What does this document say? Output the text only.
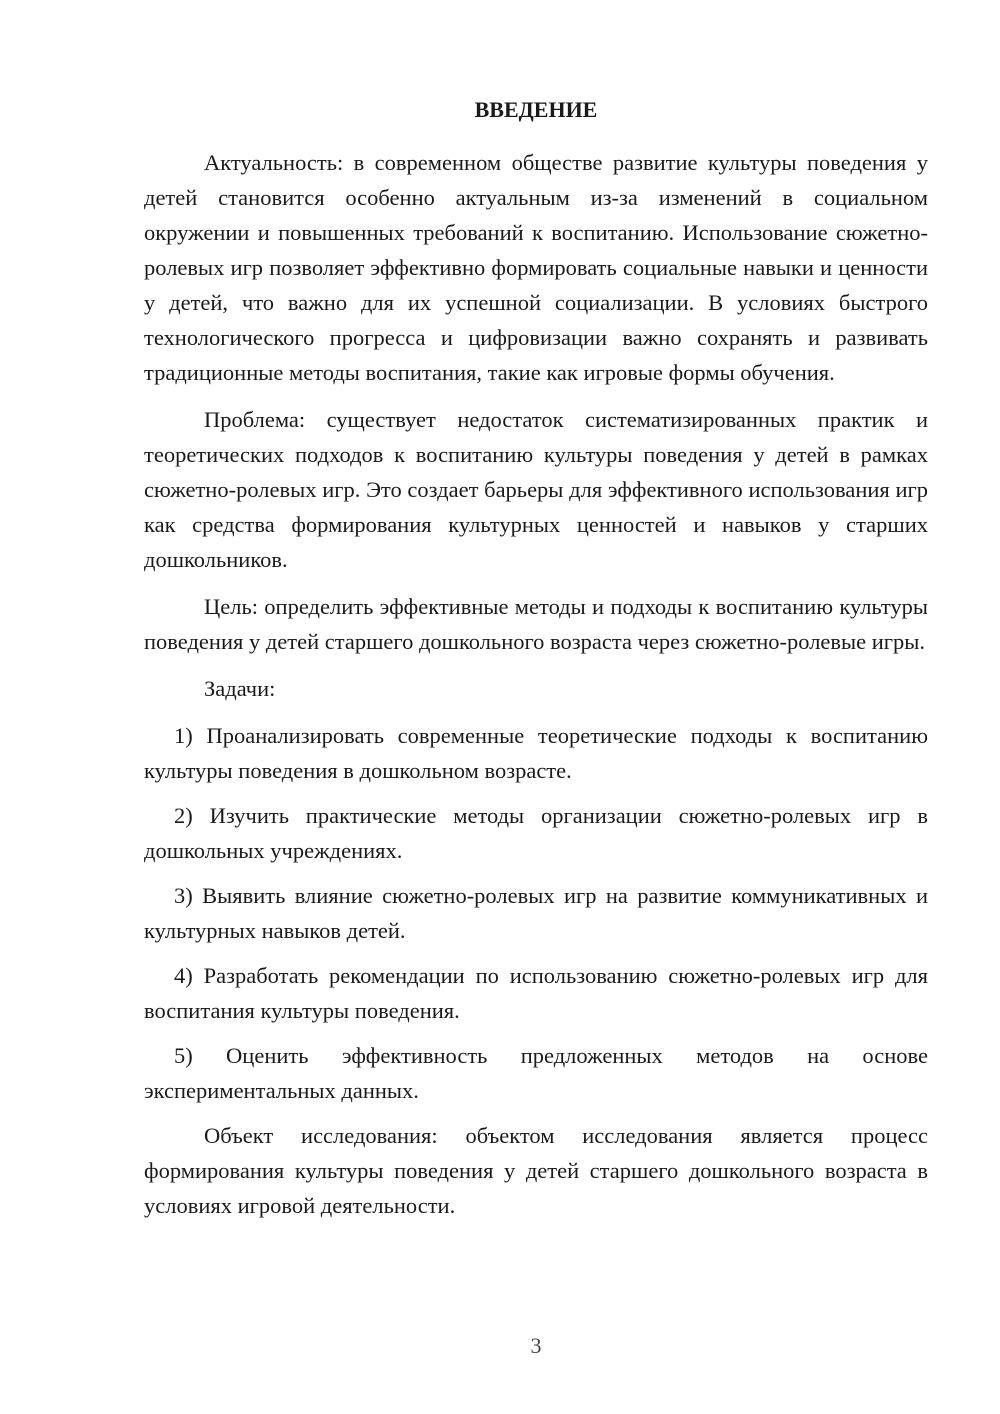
ВВЕДЕНИЕ

Актуальность: в современном обществе развитие культуры поведения у детей становится особенно актуальным из-за изменений в социальном окружении и повышенных требований к воспитанию. Использование сюжетно-ролевых игр позволяет эффективно формировать социальные навыки и ценности у детей, что важно для их успешной социализации. В условиях быстрого технологического прогресса и цифровизации важно сохранять и развивать традиционные методы воспитания, такие как игровые формы обучения.

Проблема: существует недостаток систематизированных практик и теоретических подходов к воспитанию культуры поведения у детей в рамках сюжетно-ролевых игр. Это создает барьеры для эффективного использования игр как средства формирования культурных ценностей и навыков у старших дошкольников.

Цель: определить эффективные методы и подходы к воспитанию культуры поведения у детей старшего дошкольного возраста через сюжетно-ролевые игры.

Задачи:

1) Проанализировать современные теоретические подходы к воспитанию культуры поведения в дошкольном возрасте.

2) Изучить практические методы организации сюжетно-ролевых игр в дошкольных учреждениях.

3) Выявить влияние сюжетно-ролевых игр на развитие коммуникативных и культурных навыков детей.

4) Разработать рекомендации по использованию сюжетно-ролевых игр для воспитания культуры поведения.

5) Оценить эффективность предложенных методов на основе экспериментальных данных.

Объект исследования: объектом исследования является процесс формирования культуры поведения у детей старшего дошкольного возраста в условиях игровой деятельности.

3
